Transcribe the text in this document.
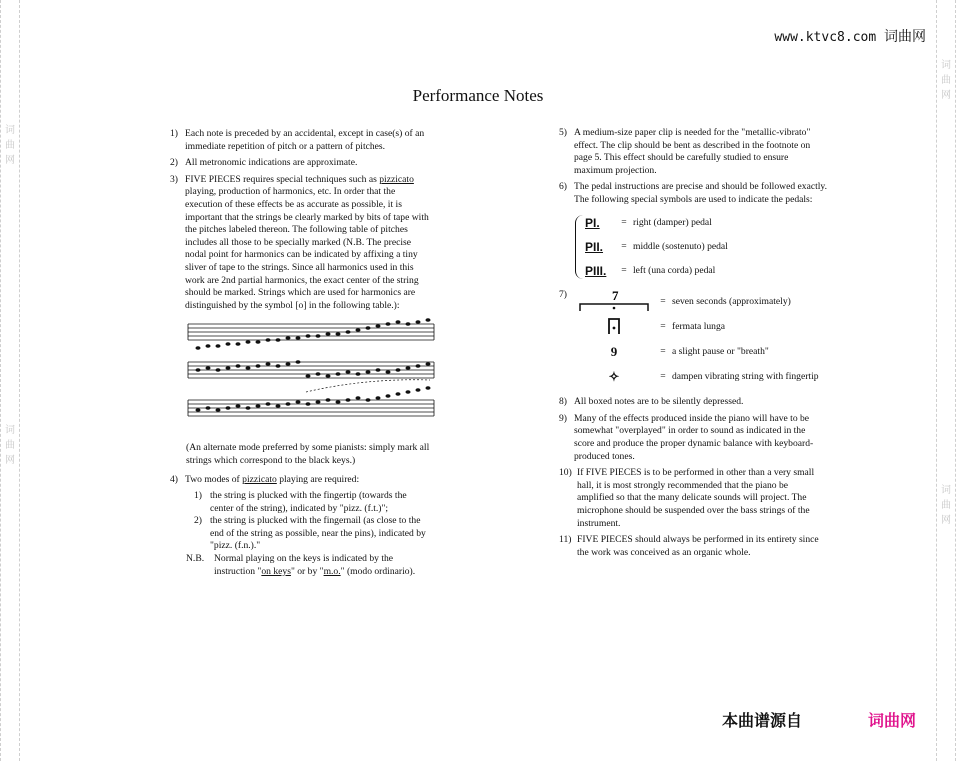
词
曲
网
词
曲
网
词
曲
网
词
曲
网
www.ktvc8.com 词曲网
Performance Notes
1) Each note is preceded by an accidental, except in case(s) of an immediate repetition of pitch or a pattern of pitches.
2) All metronomic indications are approximate.
3) FIVE PIECES requires special techniques such as pizzicato playing, production of harmonics, etc. In order that the execution of these effects be as accurate as possible, it is important that the strings be clearly marked by bits of tape with the pitches labeled thereon. The following table of pitches includes all those to be specially marked (N.B. The precise nodal point for harmonics can be indicated by affixing a tiny sliver of tape to the strings. Since all harmonics used in this work are 2nd partial harmonics, the exact center of the string should be marked. Strings which are used for harmonics are distinguished by the symbol [o] in the following table.):
(An alternate mode preferred by some pianists: simply mark all strings which correspond to the black keys.)
4) Two modes of pizzicato playing are required:
1) the string is plucked with the fingertip (towards the center of the string), indicated by "pizz. (f.t.)";
2) the string is plucked with the fingernail (as close to the end of the string as possible, near the pins), indicated by "pizz. (f.n.)."
N.B.	Normal playing on the keys is indicated by the instruction "on keys" or by "m.o." (modo ordinario).
5) A medium-size paper clip is needed for the "metallic-vibrato" effect. The clip should be bent as described in the footnote on page 5. This effect should be carefully studied to ensure maximum projection.
6) The pedal instructions are precise and should be followed exactly. The following special symbols are used to indicate the pedals:
PI.	= right (damper) pedal
PII.	= middle (sostenuto) pedal
PIII.	= left (una corda) pedal
7)	7	= seven seconds (approximately)
= fermata lunga
9	= a slight pause or "breath"
✧	= dampen vibrating string with fingertip
8) All boxed notes are to be silently depressed.
9) Many of the effects produced inside the piano will have to be somewhat "overplayed" in order to sound as indicated in the score and produce the proper dynamic balance with keyboard-produced tones.
10) If FIVE PIECES is to be performed in other than a very small hall, it is most strongly recommended that the piano be amplified so that the many delicate sounds will project. The microphone should be suspended over the bass strings of the instrument.
11) FIVE PIECES should always be performed in its entirety since the work was conceived as an organic whole.
本曲谱源自	词曲网
